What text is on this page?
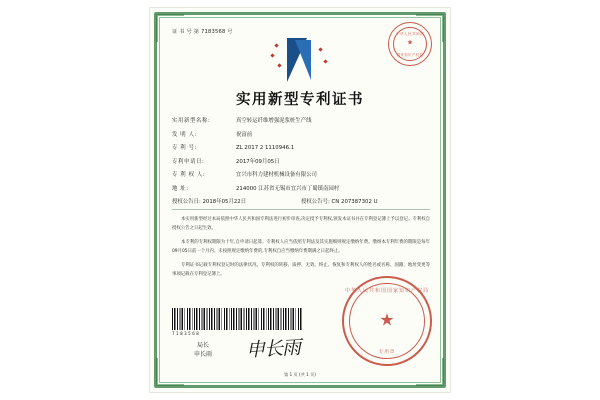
证 书 号 第 7183568 号	中华人民共和国
★
国家知识产权局
实用新型专利证书
实用新型名称:	真空转运纤维增强泥浆桩生产线
发 明 人:	祝富前
专 利 号:	ZL 2017 2 1110946.1
专利申请日:	2017年09月05日
专 利 权 人:	宜兴市科力建材机械设备有限公司
地 址:	214000 江苏省无锡市宜兴市丁蜀镇南园村
授权公告日: 2018年05月22日	授权公告号: CN 207387302 U

本实用新型经过本局依照中华人民共和国专利法进行初步审查,决定授予专利权,颁发本证书并在专利登记簿上予以登记。专利权自授权公告之日起生效。

本专利的专利权期限为十年,自申请日起算。专利权人应当依照专利法及其实施细则规定缴纳年费。缴纳本专利年费的期限是每年09月05日前一个月内。未按照规定缴纳年费的,专利权自应当缴纳年费期满之日起终止。

专利证书记载专利权登记时的法律状况。专利权的转移、质押、无效、终止、恢复和专利权人的姓名或名称、国籍、地址变更等事项记载在专利登记簿上。

7183568
局长
申长雨 申长雨
中华人民共和国国家知识产权局
★
专用章
第 1 页 (共 1 页)
